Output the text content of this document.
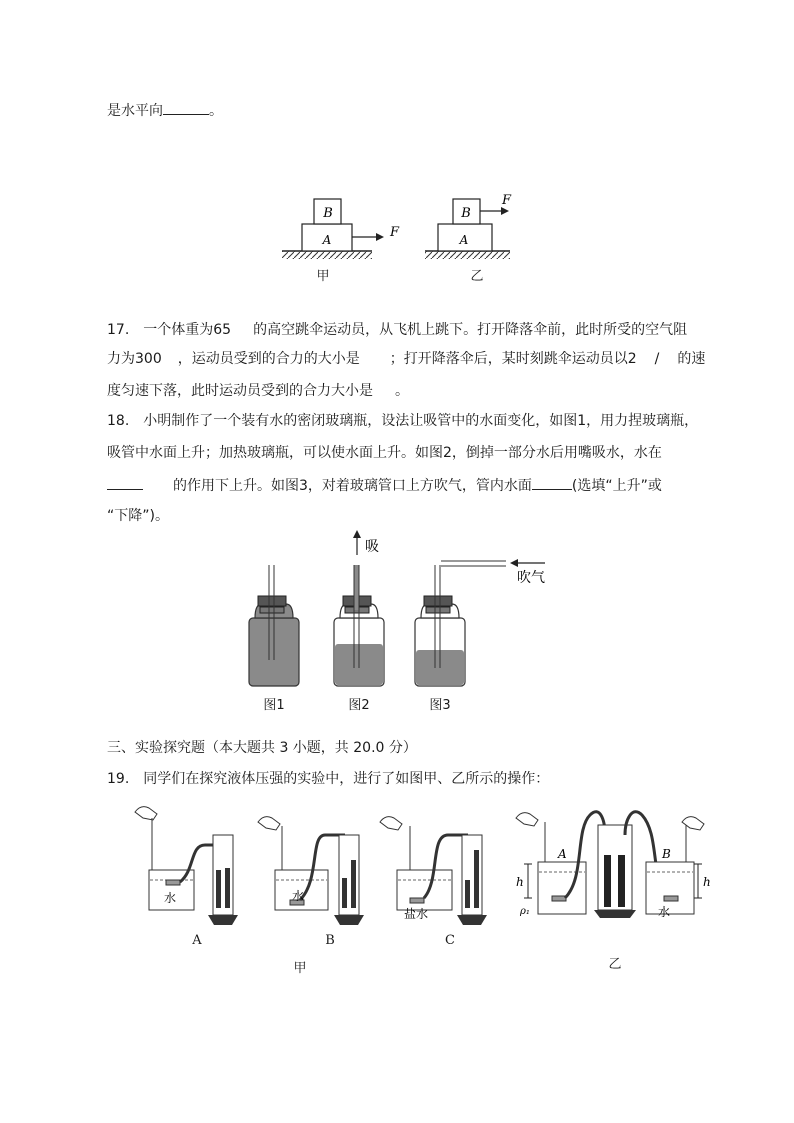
是水平向	。
B
A	F
B
A
F
甲	乙
17.　一个体重为65 的高空跳伞运动员，从飞机上跳下。打开降落伞前，此时所受的空气阻
力为300 ，运动员受到的合力的大小是 ；打开降落伞后，某时刻跳伞运动员以2 / 的速
度匀速下落，此时运动员受到的合力大小是 。
18.　小明制作了一个装有水的密闭玻璃瓶，设法让吸管中的水面变化，如图1，用力捏玻璃瓶，
吸管中水面上升；加热玻璃瓶，可以使水面上升。如图2，倒掉一部分水后用嘴吸水，水在
的作用下上升。如图3，对着玻璃管口上方吹气，管内水面	(选填“上升”或
“下降”)。
吸
吹气
图1	图2	图3
三、实验探究题（本大题共 3 小题，共 20.0 分）
19.　同学们在探究液体压强的实验中，进行了如图甲、乙所示的操作：
水	水
盐水
A	B	C
甲
A	B
h	h
ρ₁	水
乙
